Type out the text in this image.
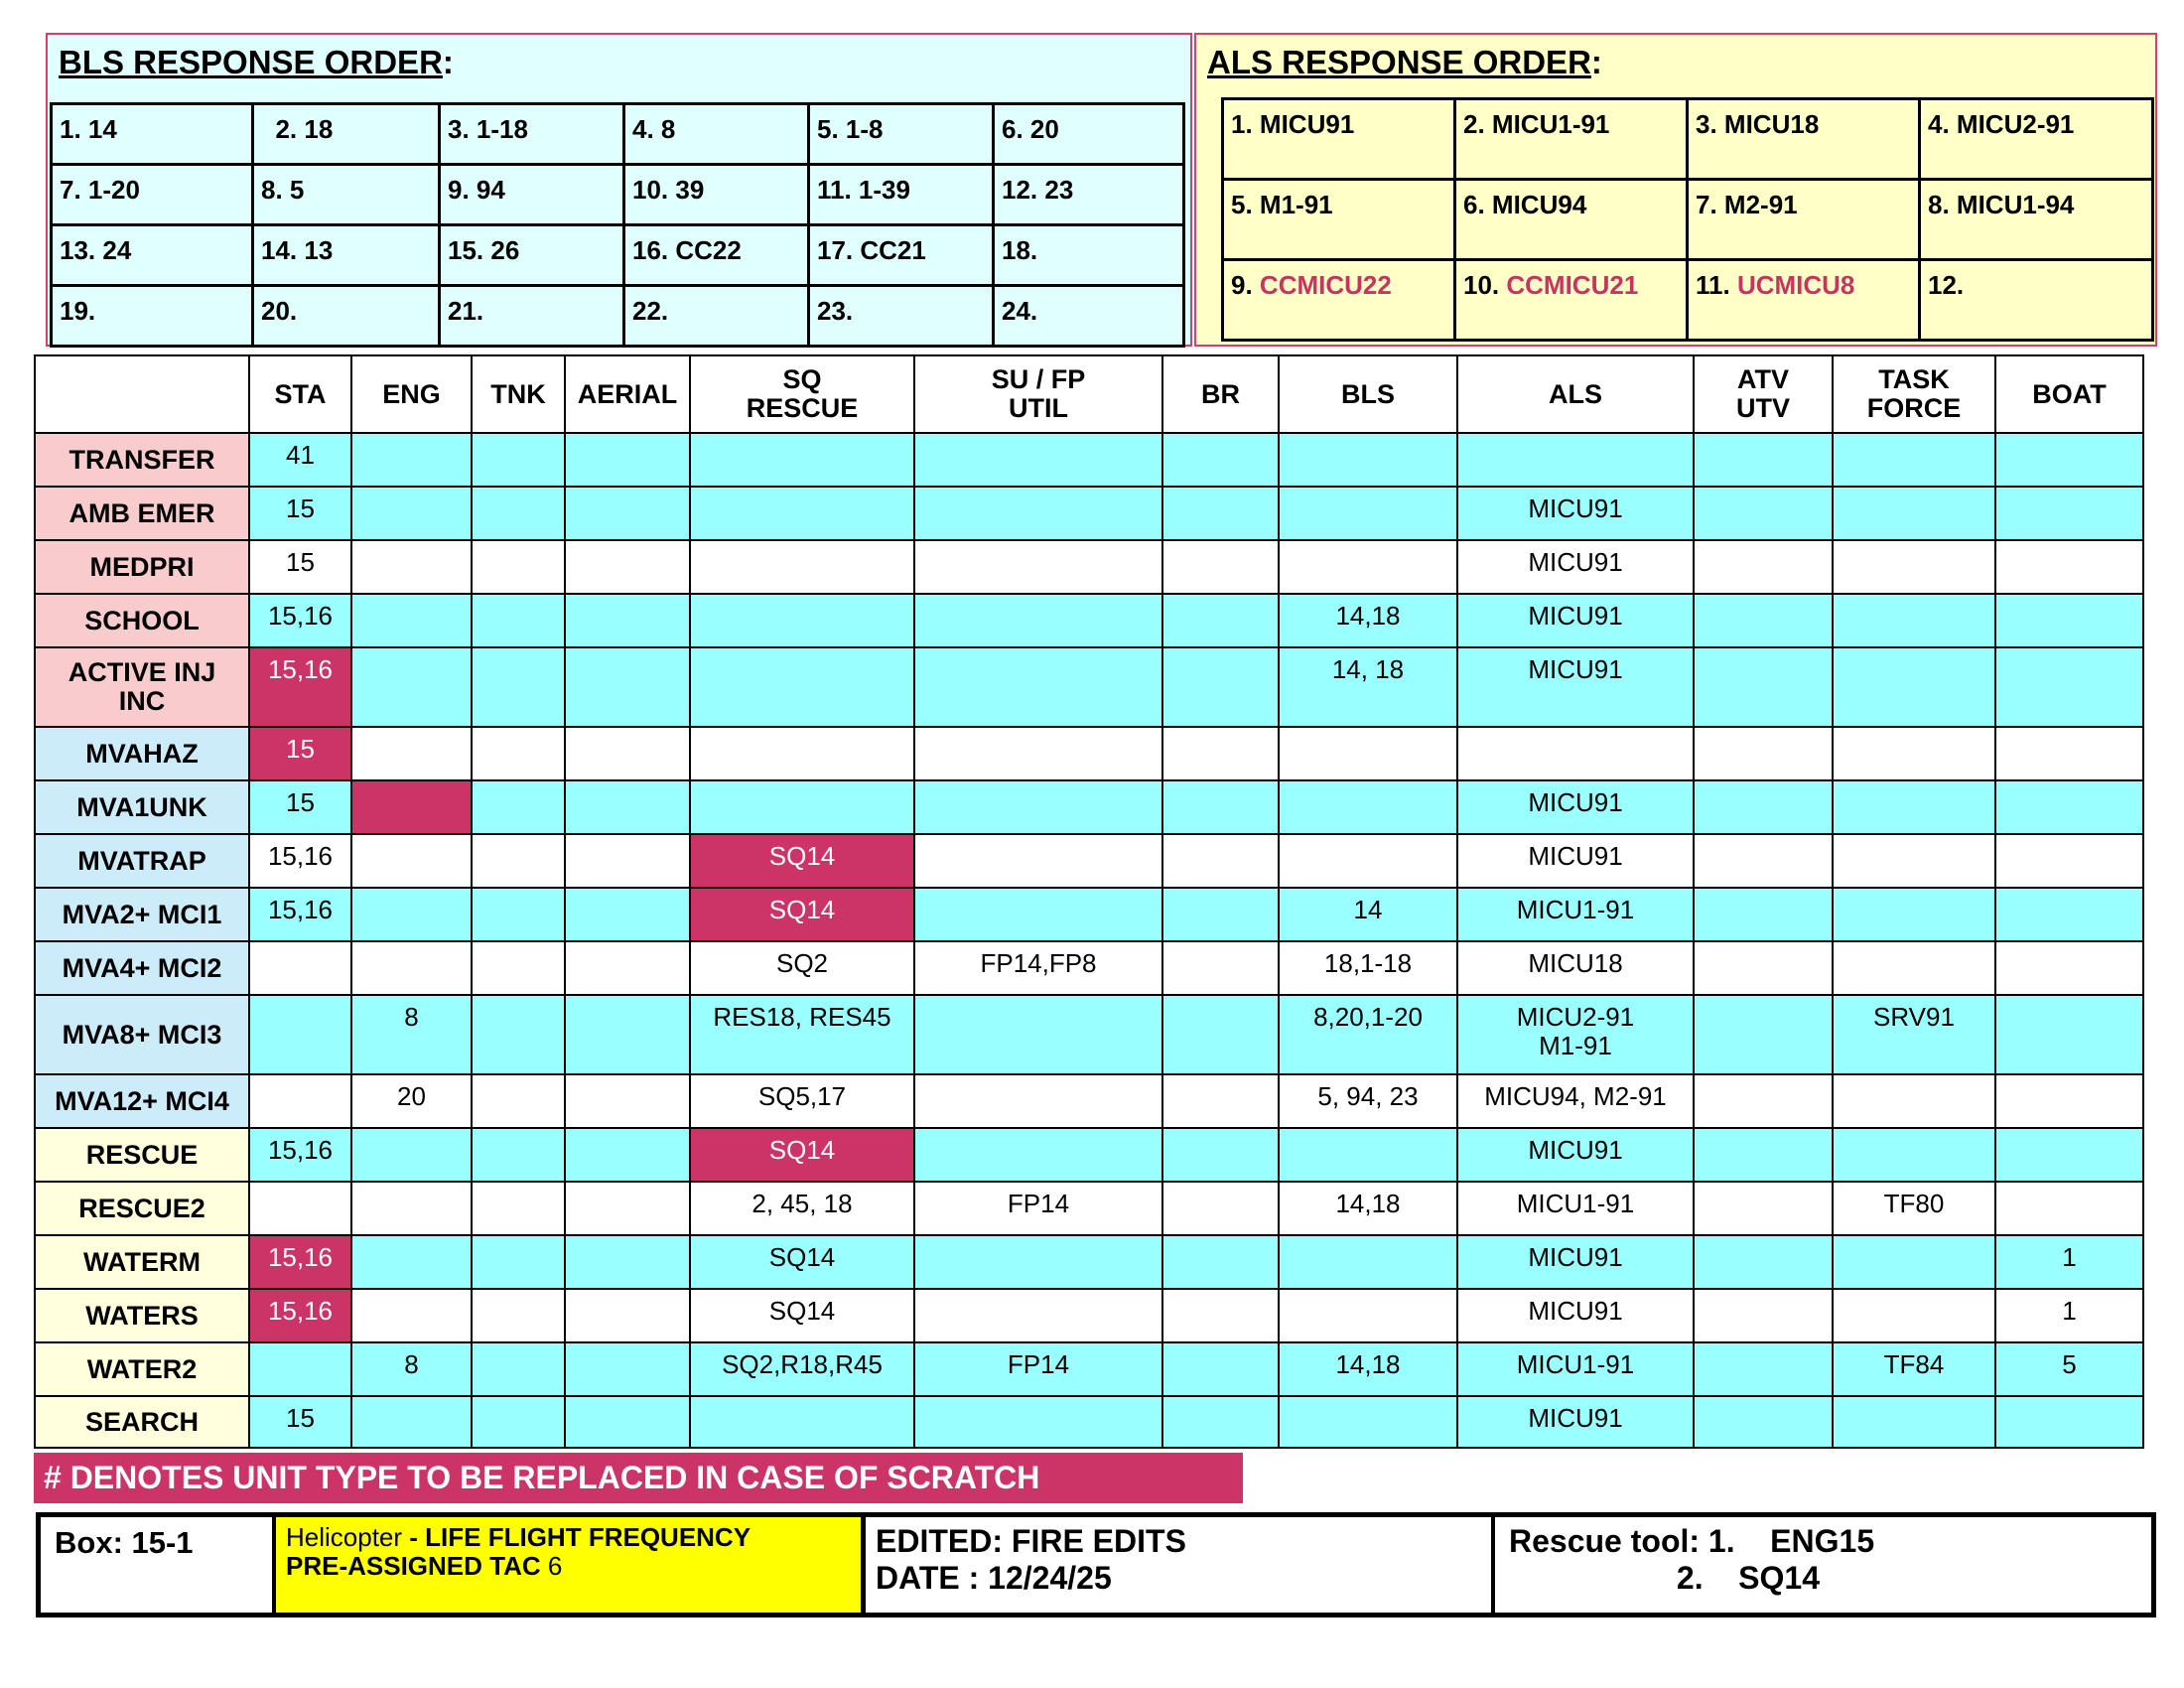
BLS RESPONSE ORDER:
1. 14	2. 18	3. 1-18	4. 8	5. 1-8	6. 20
7. 1-20	8. 5	9. 94	10. 39	11. 1-39	12. 23
13. 24	14. 13	15. 26	16. CC22	17. CC21	18.
19.	20.	21.	22.	23.	24.
ALS RESPONSE ORDER:
1. MICU91	2. MICU1-91	3. MICU18	4. MICU2-91
5. M1-91	6. MICU94	7. M2-91	8. MICU1-94
9. CCMICU22	10. CCMICU21	11. UCMICU8	12.
	STA	ENG	TNK	AERIAL	SQ
RESCUE	SU / FP
UTIL	BR	BLS	ALS	ATV
UTV	TASK
FORCE	BOAT
TRANSFER	41											
AMB EMER	15								MICU91			
MEDPRI	15								MICU91			
SCHOOL	15,16							14,18	MICU91			
ACTIVE INJ
INC	15,16							14, 18	MICU91			
MVAHAZ	15											
MVA1UNK	15								MICU91			
MVATRAP	15,16				SQ14				MICU91			
MVA2+ MCI1	15,16				SQ14			14	MICU1-91			
MVA4+ MCI2					SQ2	FP14,FP8		18,1-18	MICU18			
MVA8+ MCI3		8			RES18, RES45			8,20,1-20	MICU2-91
M1-91		SRV91	
MVA12+ MCI4		20			SQ5,17			5, 94, 23	MICU94, M2-91			
RESCUE	15,16				SQ14				MICU91			
RESCUE2					2, 45, 18	FP14		14,18	MICU1-91		TF80	
WATERM	15,16				SQ14				MICU91			1
WATERS	15,16				SQ14				MICU91			1
WATER2		8			SQ2,R18,R45	FP14		14,18	MICU1-91		TF84	5
SEARCH	15								MICU91			
# DENOTES UNIT TYPE TO BE REPLACED IN CASE OF SCRATCH
Box: 15-1	Helicopter - LIFE FLIGHT FREQUENCY
PRE-ASSIGNED TAC 6
EDITED: FIRE EDITS
DATE : 12/24/25
Rescue tool: 1.    ENG15
2.    SQ14
